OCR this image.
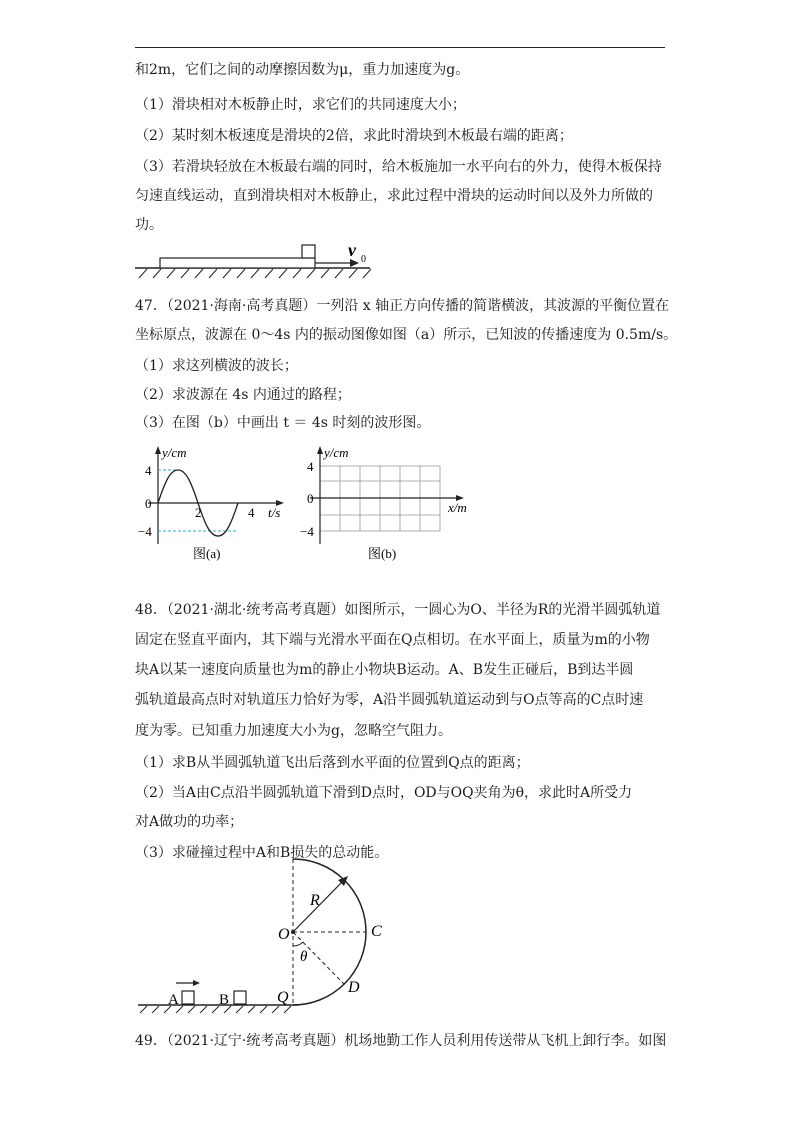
和2m，它们之间的动摩擦因数为μ，重力加速度为g。
（1）滑块相对木板静止时，求它们的共同速度大小；
（2）某时刻木板速度是滑块的2倍，求此时滑块到木板最右端的距离；
（3）若滑块轻放在木板最右端的同时，给木板施加一水平向右的外力，使得木板保持
匀速直线运动，直到滑块相对木板静止，求此过程中滑块的运动时间以及外力所做的
功。
v 0
47．（2021·海南·高考真题）一列沿 x 轴正方向传播的简谐横波，其波源的平衡位置在
坐标原点，波源在 0～4s 内的振动图像如图（a）所示，已知波的传播速度为 0.5m/s。
（1）求这列横波的波长；
（2）求波源在 4s 内通过的路程；
（3）在图（b）中画出 t ＝ 4s 时刻的波形图。
y/cm
4
0
−4
2	4 t/s
图(a)
y/cm
4
0
−4
x/m
图(b)
48．（2021·湖北·统考高考真题）如图所示，一圆心为O、半径为R的光滑半圆弧轨道
固定在竖直平面内，其下端与光滑水平面在Q点相切。在水平面上，质量为m的小物
块A以某一速度向质量也为m的静止小物块B运动。A、B发生正碰后，B到达半圆
弧轨道最高点时对轨道压力恰好为零，A沿半圆弧轨道运动到与O点等高的C点时速
度为零。已知重力加速度大小为g，忽略空气阻力。
（1）求B从半圆弧轨道飞出后落到水平面的位置到Q点的距离；
（2）当A由C点沿半圆弧轨道下滑到D点时，OD与OQ夹角为θ，求此时A所受力
对A做功的功率；
（3）求碰撞过程中A和B损失的总动能。
R
O	C
θ
Q
D
A	B
49．（2021·辽宁·统考高考真题）机场地勤工作人员利用传送带从飞机上卸行李。如图
